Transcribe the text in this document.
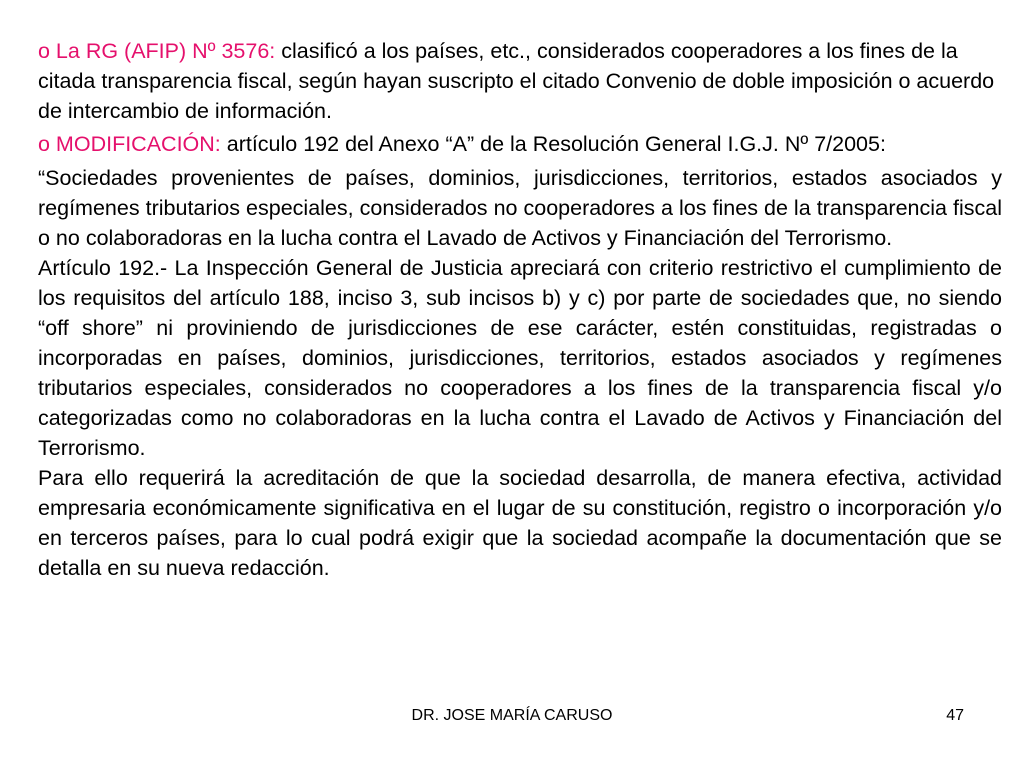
o La RG (AFIP) Nº 3576: clasificó a los países, etc., considerados cooperadores a los fines de la citada transparencia fiscal, según hayan suscripto el citado Convenio de doble imposición o acuerdo de intercambio de información.

o MODIFICACIÓN: artículo 192 del Anexo “A” de la Resolución General I.G.J. Nº 7/2005:

“Sociedades provenientes de países, dominios, jurisdicciones, territorios, estados asociados y regímenes tributarios especiales, considerados no cooperadores a los fines de la transparencia fiscal o no colaboradoras en la lucha contra el Lavado de Activos y Financiación del Terrorismo.

Artículo 192.- La Inspección General de Justicia apreciará con criterio restrictivo el cumplimiento de los requisitos del artículo 188, inciso 3, sub incisos b) y c) por parte de sociedades que, no siendo “off shore” ni proviniendo de jurisdicciones de ese carácter, estén constituidas, registradas o incorporadas en países, dominios, jurisdicciones, territorios, estados asociados y regímenes tributarios especiales, considerados no cooperadores a los fines de la transparencia fiscal y/o categorizadas como no colaboradoras en la lucha contra el Lavado de Activos y Financiación del Terrorismo.

Para ello requerirá la acreditación de que la sociedad desarrolla, de manera efectiva, actividad empresaria económicamente significativa en el lugar de su constitución, registro o incorporación y/o en terceros países, para lo cual podrá exigir que la sociedad acompañe la documentación que se detalla en su nueva redacción.

DR. JOSE MARÍA CARUSO	47
